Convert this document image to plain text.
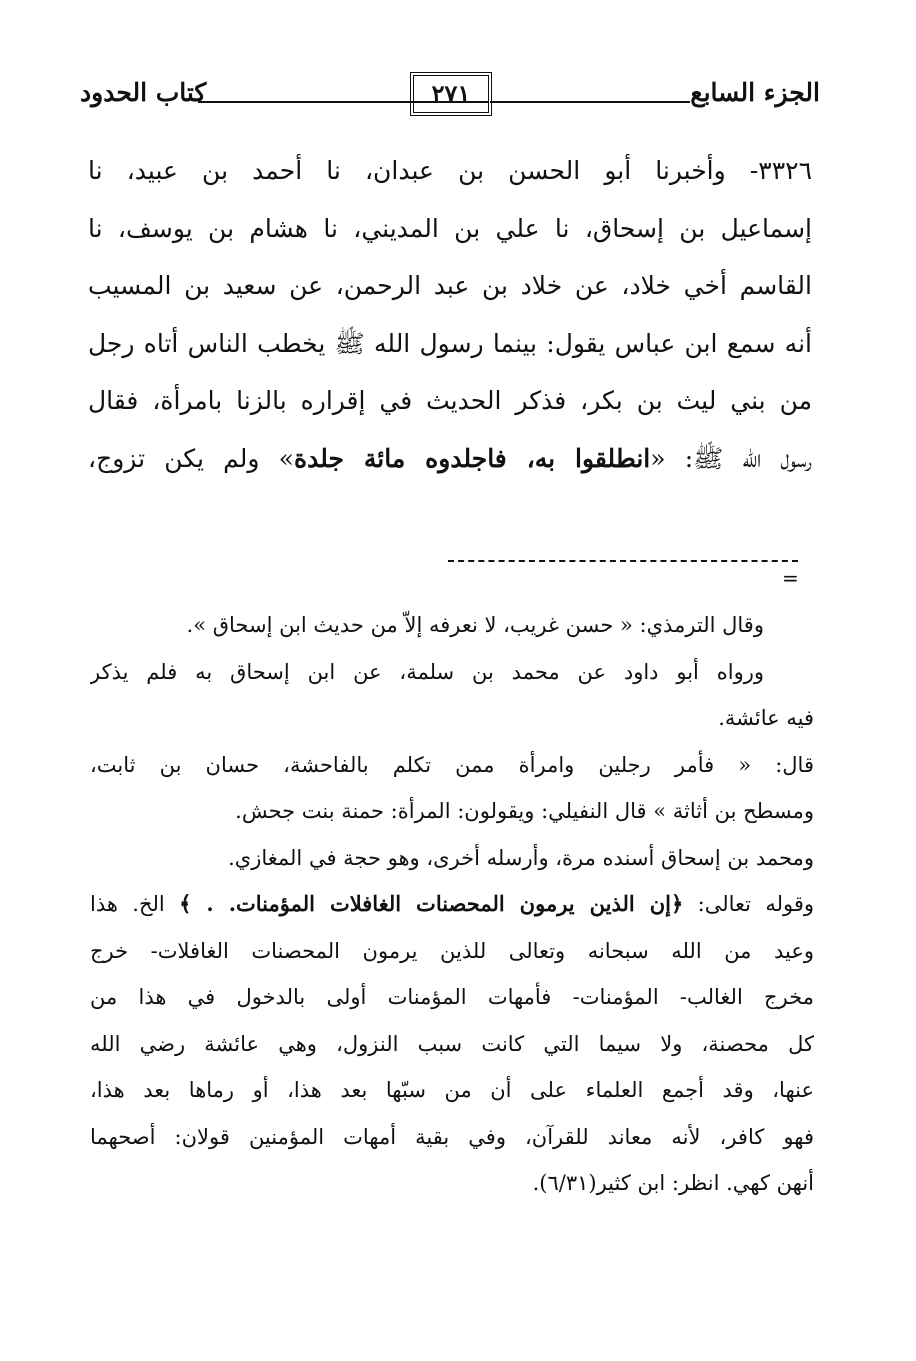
الجزء السابع
٢٧١
كتاب الحدود

٣٣٢٦- وأخبرنا أبو الحسن بن عبدان، نا أحمد بن عبيد، نا

إسماعيل بن إسحاق، نا علي بن المديني، نا هشام بن يوسف، نا

القاسم أخي خلاد، عن خلاد بن عبد الرحمن، عن سعيد بن المسيب

أنه سمع ابن عباس يقول: بينما رسول الله ﷺ يخطب الناس أتاه رجل

من بني ليث بن بكر، فذكر الحديث في إقراره بالزنا بامرأة، فقال

رسول الله ﷺ: «انطلقوا به، فاجلدوه مائة جلدة» ولم يكن تزوج،

=

وقال الترمذي: « حسن غريب، لا نعرفه إلاّ من حديث ابن إسحاق ».

ورواه أبو داود عن محمد بن سلمة، عن ابن إسحاق به فلم يذكر

فيه عائشة.

قال: « فأمر رجلين وامرأة ممن تكلم بالفاحشة، حسان بن ثابت،

ومسطح بن أثاثة » قال النفيلي: ويقولون: المرأة: حمنة بنت جحش.

ومحمد بن إسحاق أسنده مرة، وأرسله أخرى، وهو حجة في المغازي.

وقوله تعالى: ﴿إن الذين يرمون المحصنات الغافلات المؤمنات. . ﴾ الخ. هذا

وعيد من الله سبحانه وتعالى للذين يرمون المحصنات الغافلات- خرج

مخرج الغالب- المؤمنات- فأمهات المؤمنات أولى بالدخول في هذا من

كل محصنة، ولا سيما التي كانت سبب النزول، وهي عائشة رضي الله

عنها، وقد أجمع العلماء على أن من سبّها بعد هذا، أو رماها بعد هذا،

فهو كافر، لأنه معاند للقرآن، وفي بقية أمهات المؤمنين قولان: أصحهما

أنهن كهي. انظر: ابن كثير(٦/٣١).
